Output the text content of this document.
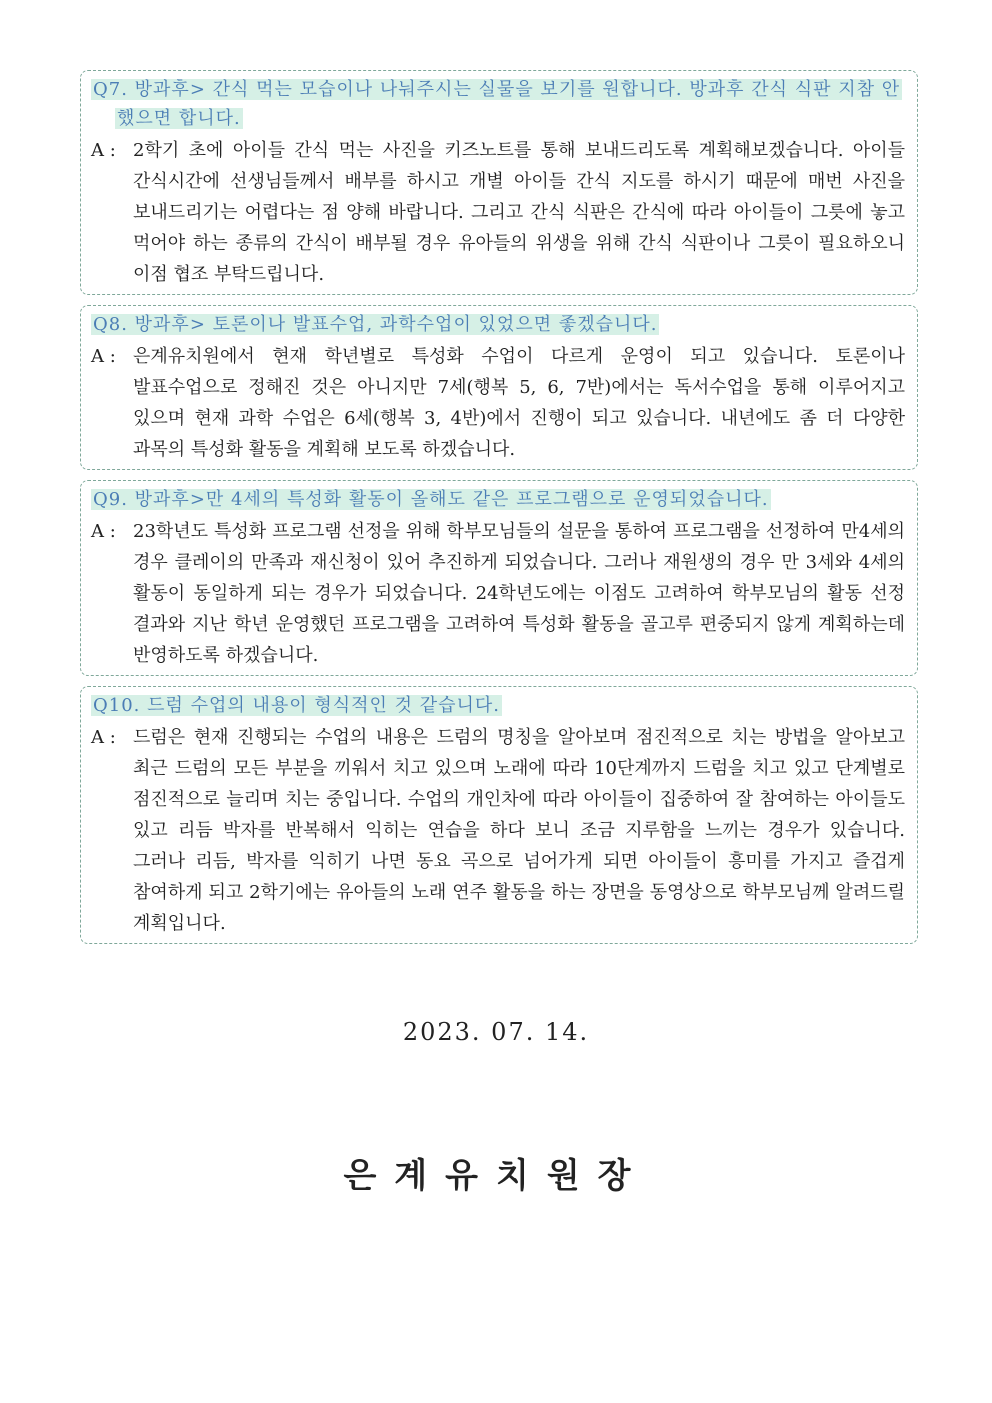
Q7. 방과후> 간식 먹는 모습이나 나눠주시는 실물을 보기를 원합니다. 방과후 간식 식판 지참 안했으면 합니다.
A : 2학기 초에 아이들 간식 먹는 사진을 키즈노트를 통해 보내드리도록 계획해보겠습니다. 아이들 간식시간에 선생님들께서 배부를 하시고 개별 아이들 간식 지도를 하시기 때문에 매번 사진을 보내드리기는 어렵다는 점 양해 바랍니다. 그리고 간식 식판은 간식에 따라 아이들이 그릇에 놓고 먹어야 하는 종류의 간식이 배부될 경우 유아들의 위생을 위해 간식 식판이나 그릇이 필요하오니 이점 협조 부탁드립니다.
Q8. 방과후> 토론이나 발표수업, 과학수업이 있었으면 좋겠습니다.
A : 은계유치원에서 현재 학년별로 특성화 수업이 다르게 운영이 되고 있습니다. 토론이나 발표수업으로 정해진 것은 아니지만 7세(행복 5, 6, 7반)에서는 독서수업을 통해 이루어지고 있으며 현재 과학 수업은 6세(행복 3, 4반)에서 진행이 되고 있습니다. 내년에도 좀 더 다양한 과목의 특성화 활동을 계획해 보도록 하겠습니다.
Q9. 방과후>만 4세의 특성화 활동이 올해도 같은 프로그램으로 운영되었습니다.
A : 23학년도 특성화 프로그램 선정을 위해 학부모님들의 설문을 통하여 프로그램을 선정하여 만4세의 경우 클레이의 만족과 재신청이 있어 추진하게 되었습니다. 그러나 재원생의 경우 만 3세와 4세의 활동이 동일하게 되는 경우가 되었습니다. 24학년도에는 이점도 고려하여 학부모님의 활동 선정 결과와 지난 학년 운영했던 프로그램을 고려하여 특성화 활동을 골고루 편중되지 않게 계획하는데 반영하도록 하겠습니다.
Q10. 드럼 수업의 내용이 형식적인 것 같습니다.
A : 드럼은 현재 진행되는 수업의 내용은 드럼의 명칭을 알아보며 점진적으로 치는 방법을 알아보고 최근 드럼의 모든 부분을 끼워서 치고 있으며 노래에 따라 10단계까지 드럼을 치고 있고 단계별로 점진적으로 늘리며 치는 중입니다. 수업의 개인차에 따라 아이들이 집중하여 잘 참여하는 아이들도 있고 리듬 박자를 반복해서 익히는 연습을 하다 보니 조금 지루함을 느끼는 경우가 있습니다. 그러나 리듬, 박자를 익히기 나면 동요 곡으로 넘어가게 되면 아이들이 흥미를 가지고 즐겁게 참여하게 되고 2학기에는 유아들의 노래 연주 활동을 하는 장면을 동영상으로 학부모님께 알려드릴 계획입니다.
2023. 07. 14.
은계유치원장
